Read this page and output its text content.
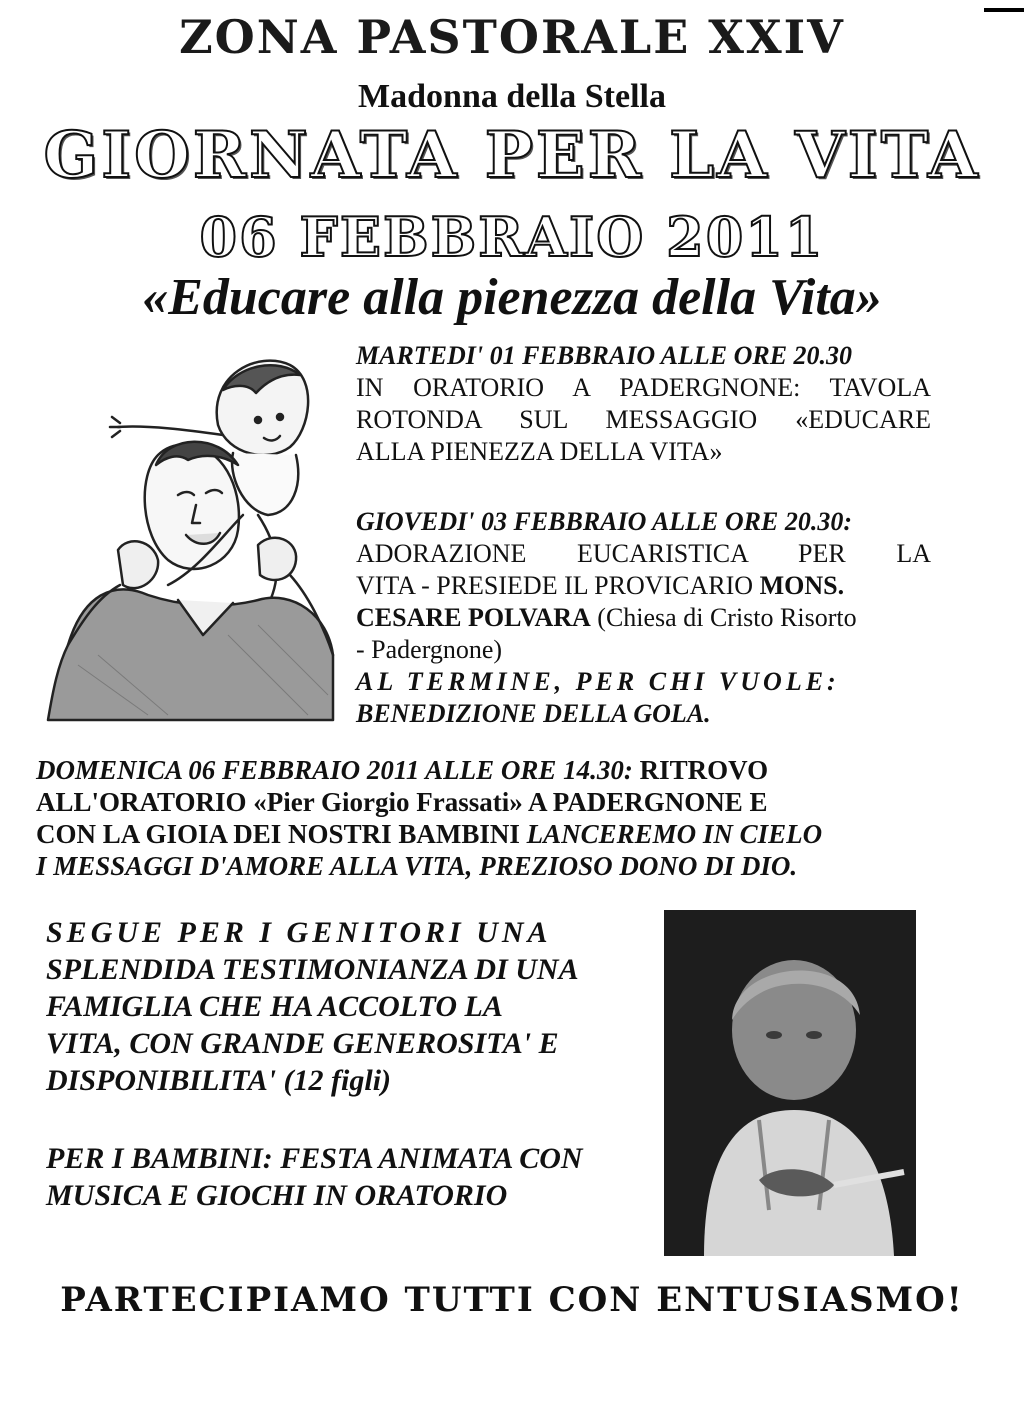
ZONA PASTORALE XXIV
Madonna della Stella
GIORNATA PER LA VITA
06 FEBBRAIO 2011
«Educare alla pienezza della Vita»
MARTEDI' 01 FEBBRAIO ALLE ORE 20.30
IN ORATORIO A PADERGNONE: TAVOLA
ROTONDA SUL MESSAGGIO «EDUCARE
ALLA PIENEZZA DELLA VITA»
GIOVEDI' 03 FEBBRAIO ALLE ORE 20.30:
ADORAZIONE EUCARISTICA PER LA
VITA - PRESIEDE IL PROVICARIO MONS.
CESARE POLVARA (Chiesa di Cristo Risorto
- Padergnone)
AL TERMINE, PER CHI VUOLE:
BENEDIZIONE DELLA GOLA.
DOMENICA 06 FEBBRAIO 2011 ALLE ORE 14.30: RITROVO
ALL'ORATORIO «Pier Giorgio Frassati» A PADERGNONE E
CON LA GIOIA DEI NOSTRI BAMBINI LANCEREMO IN CIELO
I MESSAGGI D'AMORE ALLA VITA, PREZIOSO DONO DI DIO.
SEGUE PER I GENITORI UNA
SPLENDIDA TESTIMONIANZA DI UNA
FAMIGLIA CHE HA ACCOLTO LA
VITA, CON GRANDE GENEROSITA' E
DISPONIBILITA' (12 figli)
PER I BAMBINI: FESTA ANIMATA CON
MUSICA E GIOCHI IN ORATORIO
PARTECIPIAMO TUTTI CON ENTUSIASMO!
